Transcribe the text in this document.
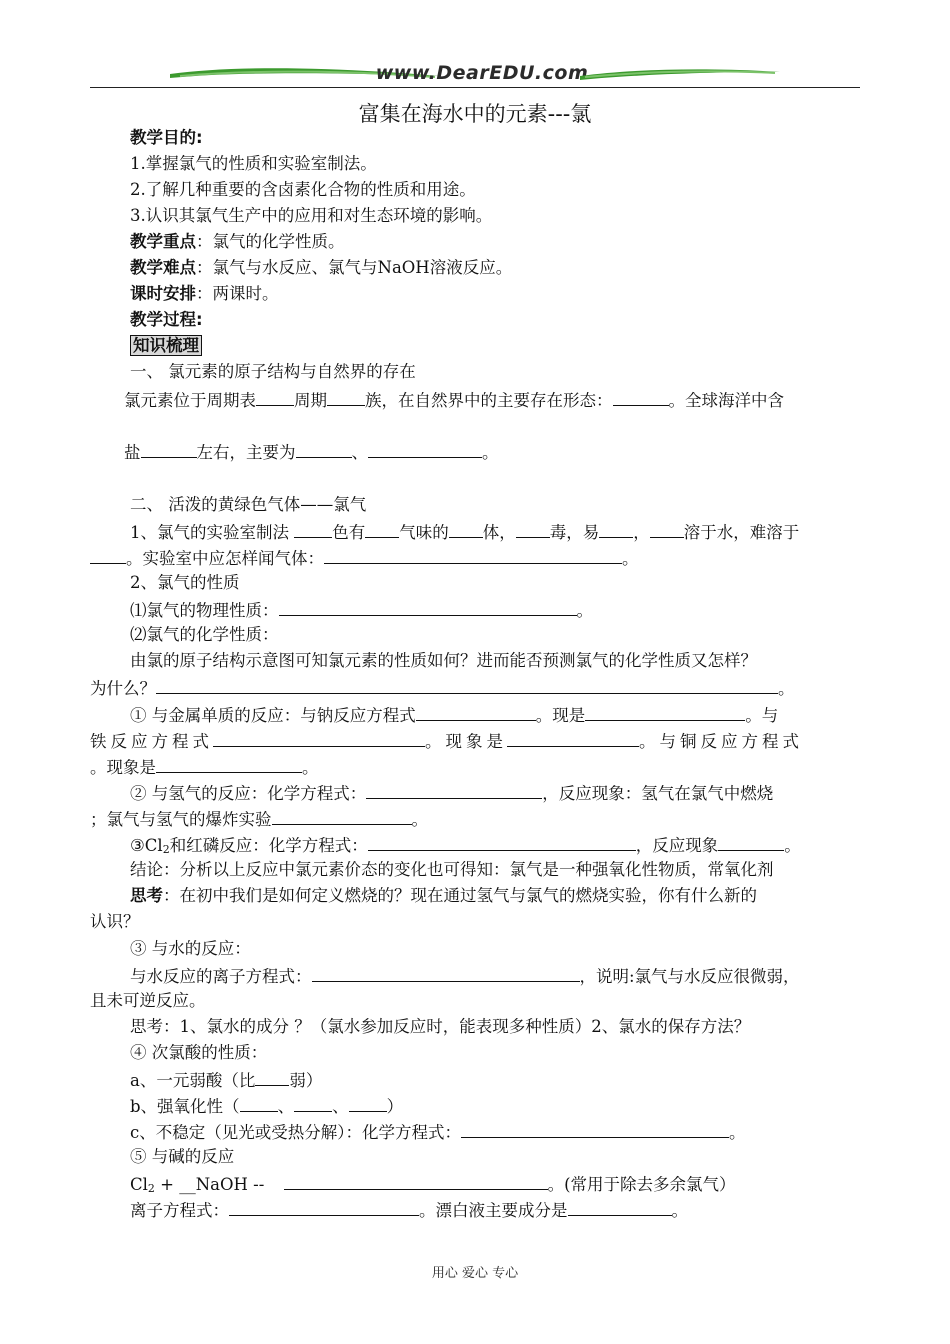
www.DearEDU.com
富集在海水中的元素---氯
教学目的:
1.掌握氯气的性质和实验室制法。
2.了解几种重要的含卤素化合物的性质和用途。
3.认识其氯气生产中的应用和对生态环境的影响。
教学重点：氯气的化学性质。
教学难点：氯气与水反应、氯气与NaOH溶液反应。
课时安排：两课时。
教学过程:
知识梳理
一、 氯元素的原子结构与自然界的存在
氯元素位于周期表 周期 族，在自然界中的主要存在形态：	。全球海洋中含
盐	左右，主要为	、	。
二、 活泼的黄绿色气体——氯气
1、氯气的实验室制法 色有 气味的 体， 毒，易 ， 溶于水，难溶于
。实验室中应怎样闻气体：	。
2、氯气的性质
⑴氯气的物理性质：	。
⑵氯气的化学性质：
由氯的原子结构示意图可知氯元素的性质如何？进而能否预测氯气的化学性质又怎样？
为什么？	。
① 与金属单质的反应：与钠反应方程式	。现是	。与
铁反应方程式	。现象是	。与铜反应方程式
。现象是	。
② 与氢气的反应：化学方程式：	，反应现象：氢气在氯气中燃烧
；氯气与氢气的爆炸实验	。
③Cl2和红磷反应：化学方程式：	，反应现象	。
结论：分析以上反应中氯元素价态的变化也可得知：氯气是一种强氧化性物质，常氧化剂
思考：在初中我们是如何定义燃烧的？现在通过氢气与氯气的燃烧实验，你有什么新的
认识？
③ 与水的反应：
与水反应的离子方程式：	，说明:氯气与水反应很微弱，
且未可逆反应。
思考：1、氯水的成分 ？（氯水参加反应时，能表现多种性质）2、氯水的保存方法？
④ 次氯酸的性质：
a、一元弱酸（比 弱）
b、强氧化性（ 、 、 ）
c、不稳定（见光或受热分解）：化学方程式：	。
⑤ 与碱的反应
Cl2 + __NaOH --	。(常用于除去多余氯气）
离子方程式：	。漂白液主要成分是	。
用心 爱心 专心
